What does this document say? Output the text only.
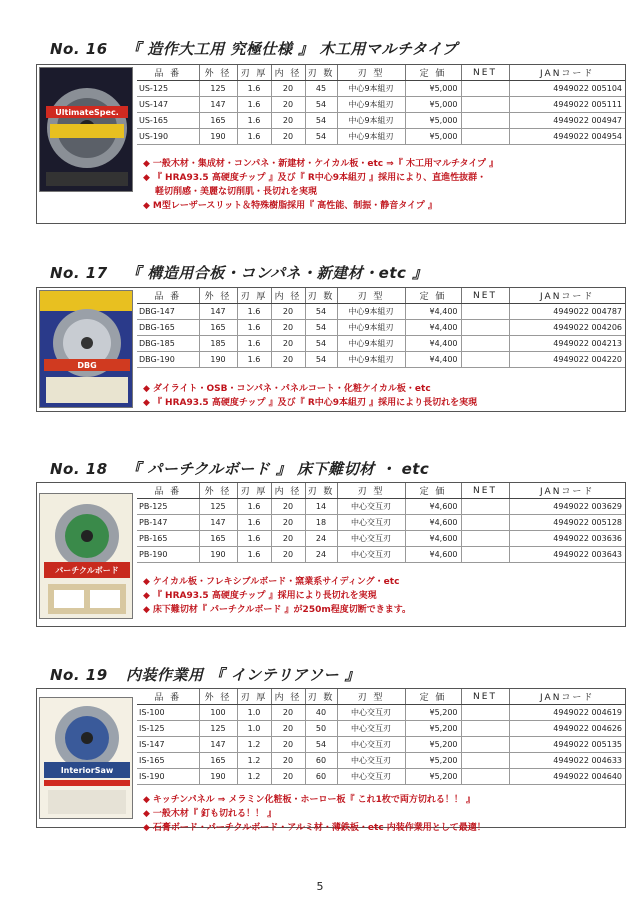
No. 16 『 造作大工用 究極仕様 』 木工用マルチタイプ
UltimateSpec.
品 番	外 径	刃 厚	内 径	刃 数	刃 型	定 価	NET	JANコード
US-125	125	1.6	20	45	中心9本組刃	¥5,000		4949022 005104
US-147	147	1.6	20	54	中心9本組刃	¥5,000		4949022 005111
US-165	165	1.6	20	54	中心9本組刃	¥5,000		4949022 004947
US-190	190	1.6	20	54	中心9本組刃	¥5,000		4949022 004954
◆ 一般木材・集成材・コンパネ・新建材・ケイカル板・etc ⇒『 木工用マルチタイプ 』
◆ 『 HRA93.5 高硬度チップ 』及び『 R中心9本組刃 』採用により、直進性抜群・
軽切削感・美麗な切削肌・長切れを実現
◆ M型レーザースリット＆特殊樹脂採用『 高性能、制振・静音タイプ 』
No. 17 『 構造用合板・コンパネ・新建材・etc 』
DBG
品 番	外 径	刃 厚	内 径	刃 数	刃 型	定 価	NET	JANコード
DBG-147	147	1.6	20	54	中心9本組刃	¥4,400		4949022 004787
DBG-165	165	1.6	20	54	中心9本組刃	¥4,400		4949022 004206
DBG-185	185	1.6	20	54	中心9本組刃	¥4,400		4949022 004213
DBG-190	190	1.6	20	54	中心9本組刃	¥4,400		4949022 004220
◆ ダイライト・OSB・コンパネ・パネルコート・化粧ケイカル板・etc
◆ 『 HRA93.5 高硬度チップ 』及び『 R中心9本組刃 』採用により長切れを実現
No. 18 『 パーチクルボード 』 床下難切材 ・ etc
パーチクルボード
品 番	外 径	刃 厚	内 径	刃 数	刃 型	定 価	NET	JANコード
PB-125	125	1.6	20	14	中心交互刃	¥4,600		4949022 003629
PB-147	147	1.6	20	18	中心交互刃	¥4,600		4949022 005128
PB-165	165	1.6	20	24	中心交互刃	¥4,600		4949022 003636
PB-190	190	1.6	20	24	中心交互刃	¥4,600		4949022 003643
◆ ケイカル板・フレキシブルボード・窯業系サイディング・etc
◆ 『 HRA93.5 高硬度チップ 』採用により長切れを実現
◆ 床下難切材『 パーチクルボード 』が250m程度切断できます。
No. 19 内装作業用 『 インテリアソー 』
InteriorSaw
品 番	外 径	刃 厚	内 径	刃 数	刃 型	定 価	NET	JANコード
IS-100	100	1.0	20	40	中心交互刃	¥5,200		4949022 004619
IS-125	125	1.0	20	50	中心交互刃	¥5,200		4949022 004626
IS-147	147	1.2	20	54	中心交互刃	¥5,200		4949022 005135
IS-165	165	1.2	20	60	中心交互刃	¥5,200		4949022 004633
IS-190	190	1.2	20	60	中心交互刃	¥5,200		4949022 004640
◆ キッチンパネル ⇒ メラミン化粧板・ホーロー板『 これ1枚で両方切れる！！ 』
◆ 一般木材『 釘も切れる！！ 』
◆ 石膏ボード・パーチクルボード・アルミ材・薄鉄板・etc 内装作業用として最適！
5
